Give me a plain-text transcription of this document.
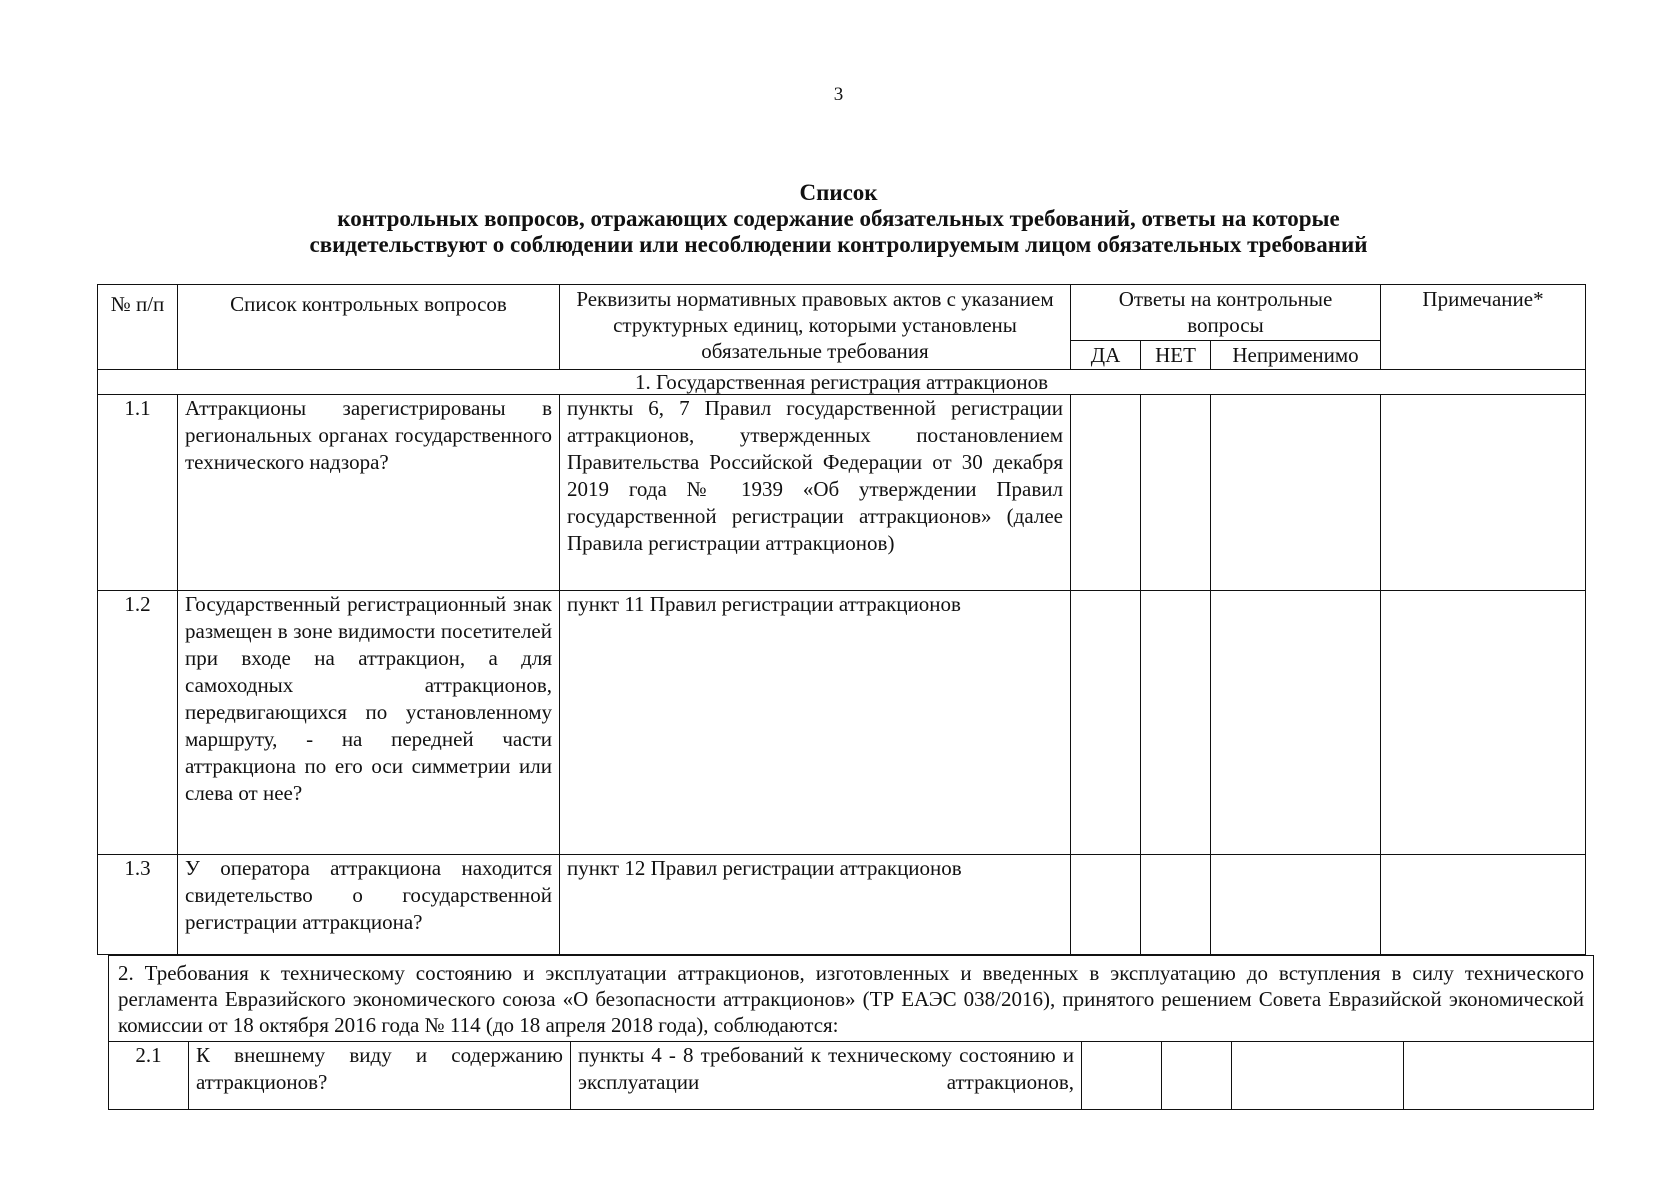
3
Список
контрольных вопросов, отражающих содержание обязательных требований, ответы на которые
свидетельствуют о соблюдении или несоблюдении контролируемым лицом обязательных требований
№ п/п	Список контрольных вопросов	Реквизиты нормативных правовых актов с указанием структурных единиц, которыми установлены обязательные требования	Ответы на контрольные вопросы			Примечание*
			ДА	НЕТ	Неприменимо	
1. Государственная регистрация аттракционов						
1.1	Аттракционы зарегистрированы в региональных органах государственного технического надзора?	пункты 6, 7 Правил государственной регистрации аттракционов, утвержденных постановлением Правительства Российской Федерации от 30 декабря 2019 года № 1939 «Об утверждении Правил государственной регистрации аттракционов» (далее Правила регистрации аттракционов)				
1.2	Государственный регистрационный знак размещен в зоне видимости посетителей при входе на аттракцион, а для самоходных аттракционов, передвигающихся по установленному маршруту, - на передней части аттракциона по его оси симметрии или слева от нее?	пункт 11 Правил регистрации аттракционов				
1.3	У оператора аттракциона находится свидетельство о государственной регистрации аттракциона?	пункт 12 Правил регистрации аттракционов				
2. Требования к техническому состоянию и эксплуатации аттракционов, изготовленных и введенных в эксплуатацию до вступления в силу технического регламента Евразийского экономического союза «О безопасности аттракционов» (ТР ЕАЭС 038/2016), принятого решением Совета Евразийской экономической комиссии от 18 октября 2016 года № 114 (до 18 апреля 2018 года), соблюдаются:
2.1	К внешнему виду и содержанию аттракционов?	пункты 4 - 8 требований к техническому состоянию и эксплуатации аттракционов,				
